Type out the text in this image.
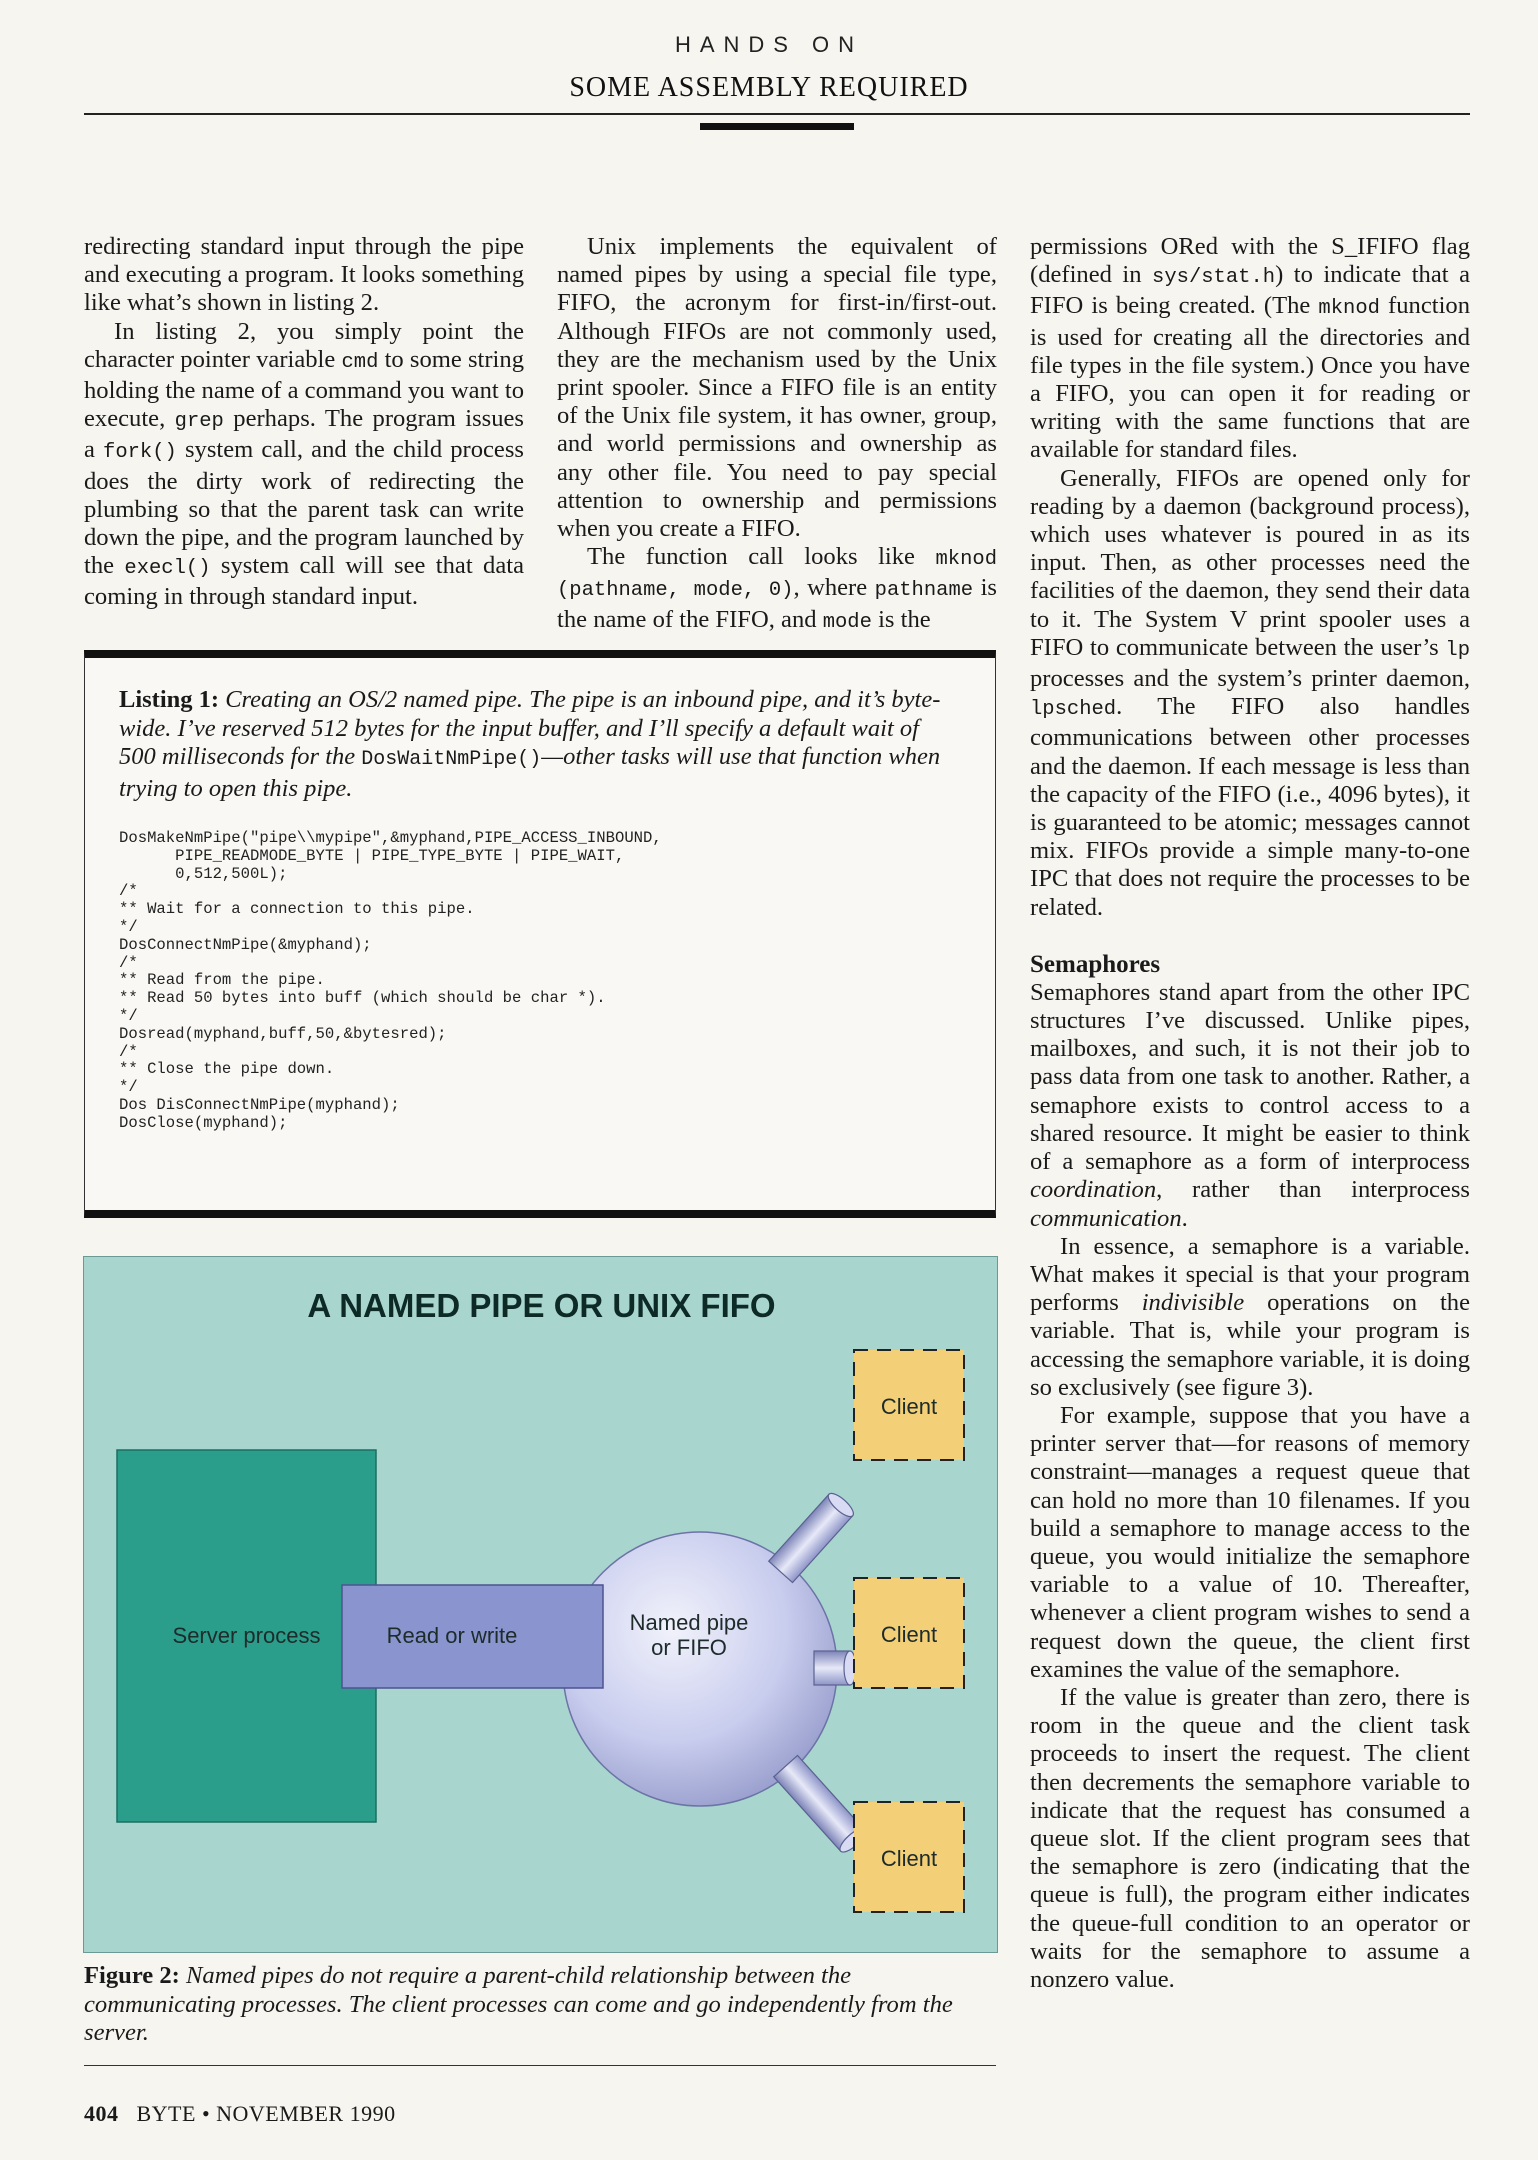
HANDS ON
SOME ASSEMBLY REQUIRED

redirecting standard input through the pipe and executing a program. It looks something like what’s shown in listing 2.

In listing 2, you simply point the character pointer variable cmd to some string holding the name of a command you want to execute, grep perhaps. The program issues a fork() system call, and the child process does the dirty work of redirecting the plumbing so that the parent task can write down the pipe, and the program launched by the execl() system call will see that data coming in through standard input.

Unix implements the equivalent of named pipes by using a special file type, FIFO, the acronym for first-in/first-out. Although FIFOs are not commonly used, they are the mechanism used by the Unix print spooler. Since a FIFO file is an entity of the Unix file system, it has owner, group, and world permissions and ownership as any other file. You need to pay special attention to ownership and permissions when you create a FIFO.

The function call looks like mknod (pathname, mode, 0), where pathname is the name of the FIFO, and mode is the

permissions ORed with the S_IFIFO flag (defined in sys/stat.h) to indicate that a FIFO is being created. (The mknod function is used for creating all the directories and file types in the file system.) Once you have a FIFO, you can open it for reading or writing with the same functions that are available for standard files.

Generally, FIFOs are opened only for reading by a daemon (background process), which uses whatever is poured in as its input. Then, as other processes need the facilities of the daemon, they send their data to it. The System V print spooler uses a FIFO to communicate between the user’s lp processes and the system’s printer daemon, lpsched. The FIFO also handles communications between other processes and the daemon. If each message is less than the capacity of the FIFO (i.e., 4096 bytes), it is guaranteed to be atomic; messages cannot mix. FIFOs provide a simple many-to-one IPC that does not require the processes to be related.

Semaphores

Semaphores stand apart from the other IPC structures I’ve discussed. Unlike pipes, mailboxes, and such, it is not their job to pass data from one task to another. Rather, a semaphore exists to control access to a shared resource. It might be easier to think of a semaphore as a form of interprocess coordination, rather than interprocess communication.

In essence, a semaphore is a variable. What makes it special is that your program performs indivisible operations on the variable. That is, while your program is accessing the semaphore variable, it is doing so exclusively (see figure 3).

For example, suppose that you have a printer server that—for reasons of memory constraint—manages a request queue that can hold no more than 10 filenames. If you build a semaphore to manage access to the queue, you would initialize the semaphore variable to a value of 10. Thereafter, whenever a client program wishes to send a request down the queue, the client first examines the value of the semaphore.

If the value is greater than zero, there is room in the queue and the client task proceeds to insert the request. The client then decrements the semaphore variable to indicate that the request has consumed a queue slot. If the client program sees that the semaphore is zero (indicating that the queue is full), the program either indicates the queue-full condition to an operator or waits for the semaphore to assume a nonzero value.

Listing 1: Creating an OS/2 named pipe. The pipe is an inbound pipe, and it’s byte-wide. I’ve reserved 512 bytes for the input buffer, and I’ll specify a default wait of 500 milliseconds for the DosWaitNmPipe()—other tasks will use that function when trying to open this pipe.
DosMakeNmPipe("pipe\\mypipe",&myphand,PIPE_ACCESS_INBOUND,
PIPE_READMODE_BYTE | PIPE_TYPE_BYTE | PIPE_WAIT,
0,512,500L);
/*
** Wait for a connection to this pipe.
*/
DosConnectNmPipe(&myphand);
/*
** Read from the pipe.
** Read 50 bytes into buff (which should be char *).
*/
Dosread(myphand,buff,50,&bytesred);
/*
** Close the pipe down.
*/
Dos DisConnectNmPipe(myphand);
DosClose(myphand);
A NAMED PIPE OR UNIX FIFO
Server process	Read or write
Named pipe
or FIFO
Client
Client
Client
Figure 2: Named pipes do not require a parent-child relationship between the communicating processes. The client processes can come and go independently from the server.
404 BYTE • NOVEMBER 1990
